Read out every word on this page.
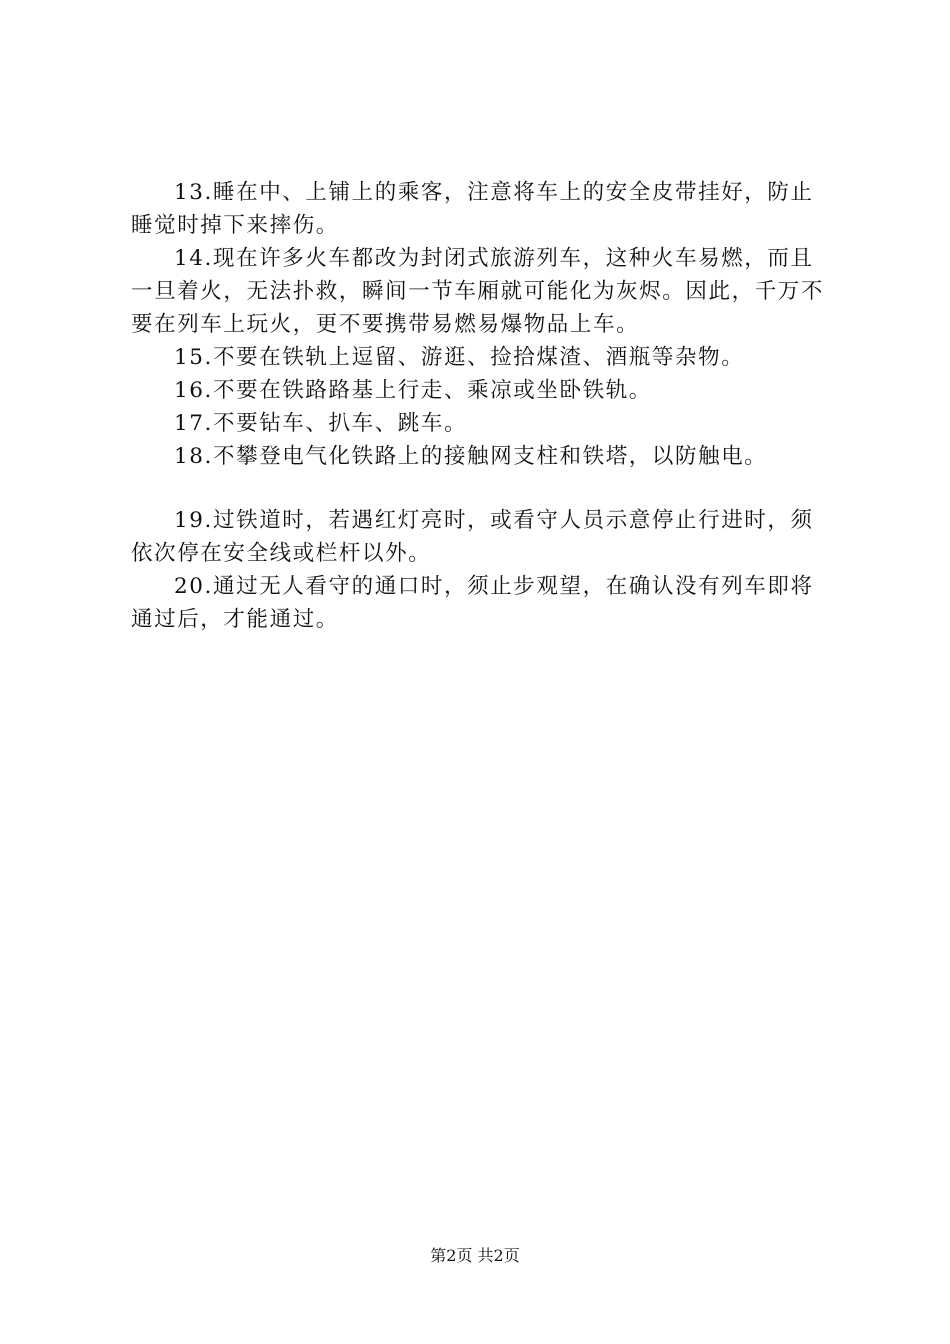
13.睡在中、上铺上的乘客，注意将车上的安全皮带挂好，防止睡觉时掉下来摔伤。

14.现在许多火车都改为封闭式旅游列车，这种火车易燃，而且一旦着火，无法扑救，瞬间一节车厢就可能化为灰烬。因此，千万不要在列车上玩火，更不要携带易燃易爆物品上车。

15.不要在铁轨上逗留、游逛、捡拾煤渣、酒瓶等杂物。

16.不要在铁路路基上行走、乘凉或坐卧铁轨。

17.不要钻车、扒车、跳车。

18.不攀登电气化铁路上的接触网支柱和铁塔，以防触电。

19.过铁道时，若遇红灯亮时，或看守人员示意停止行进时，须依次停在安全线或栏杆以外。

20.通过无人看守的通口时，须止步观望，在确认没有列车即将通过后，才能通过。

第2页 共2页
